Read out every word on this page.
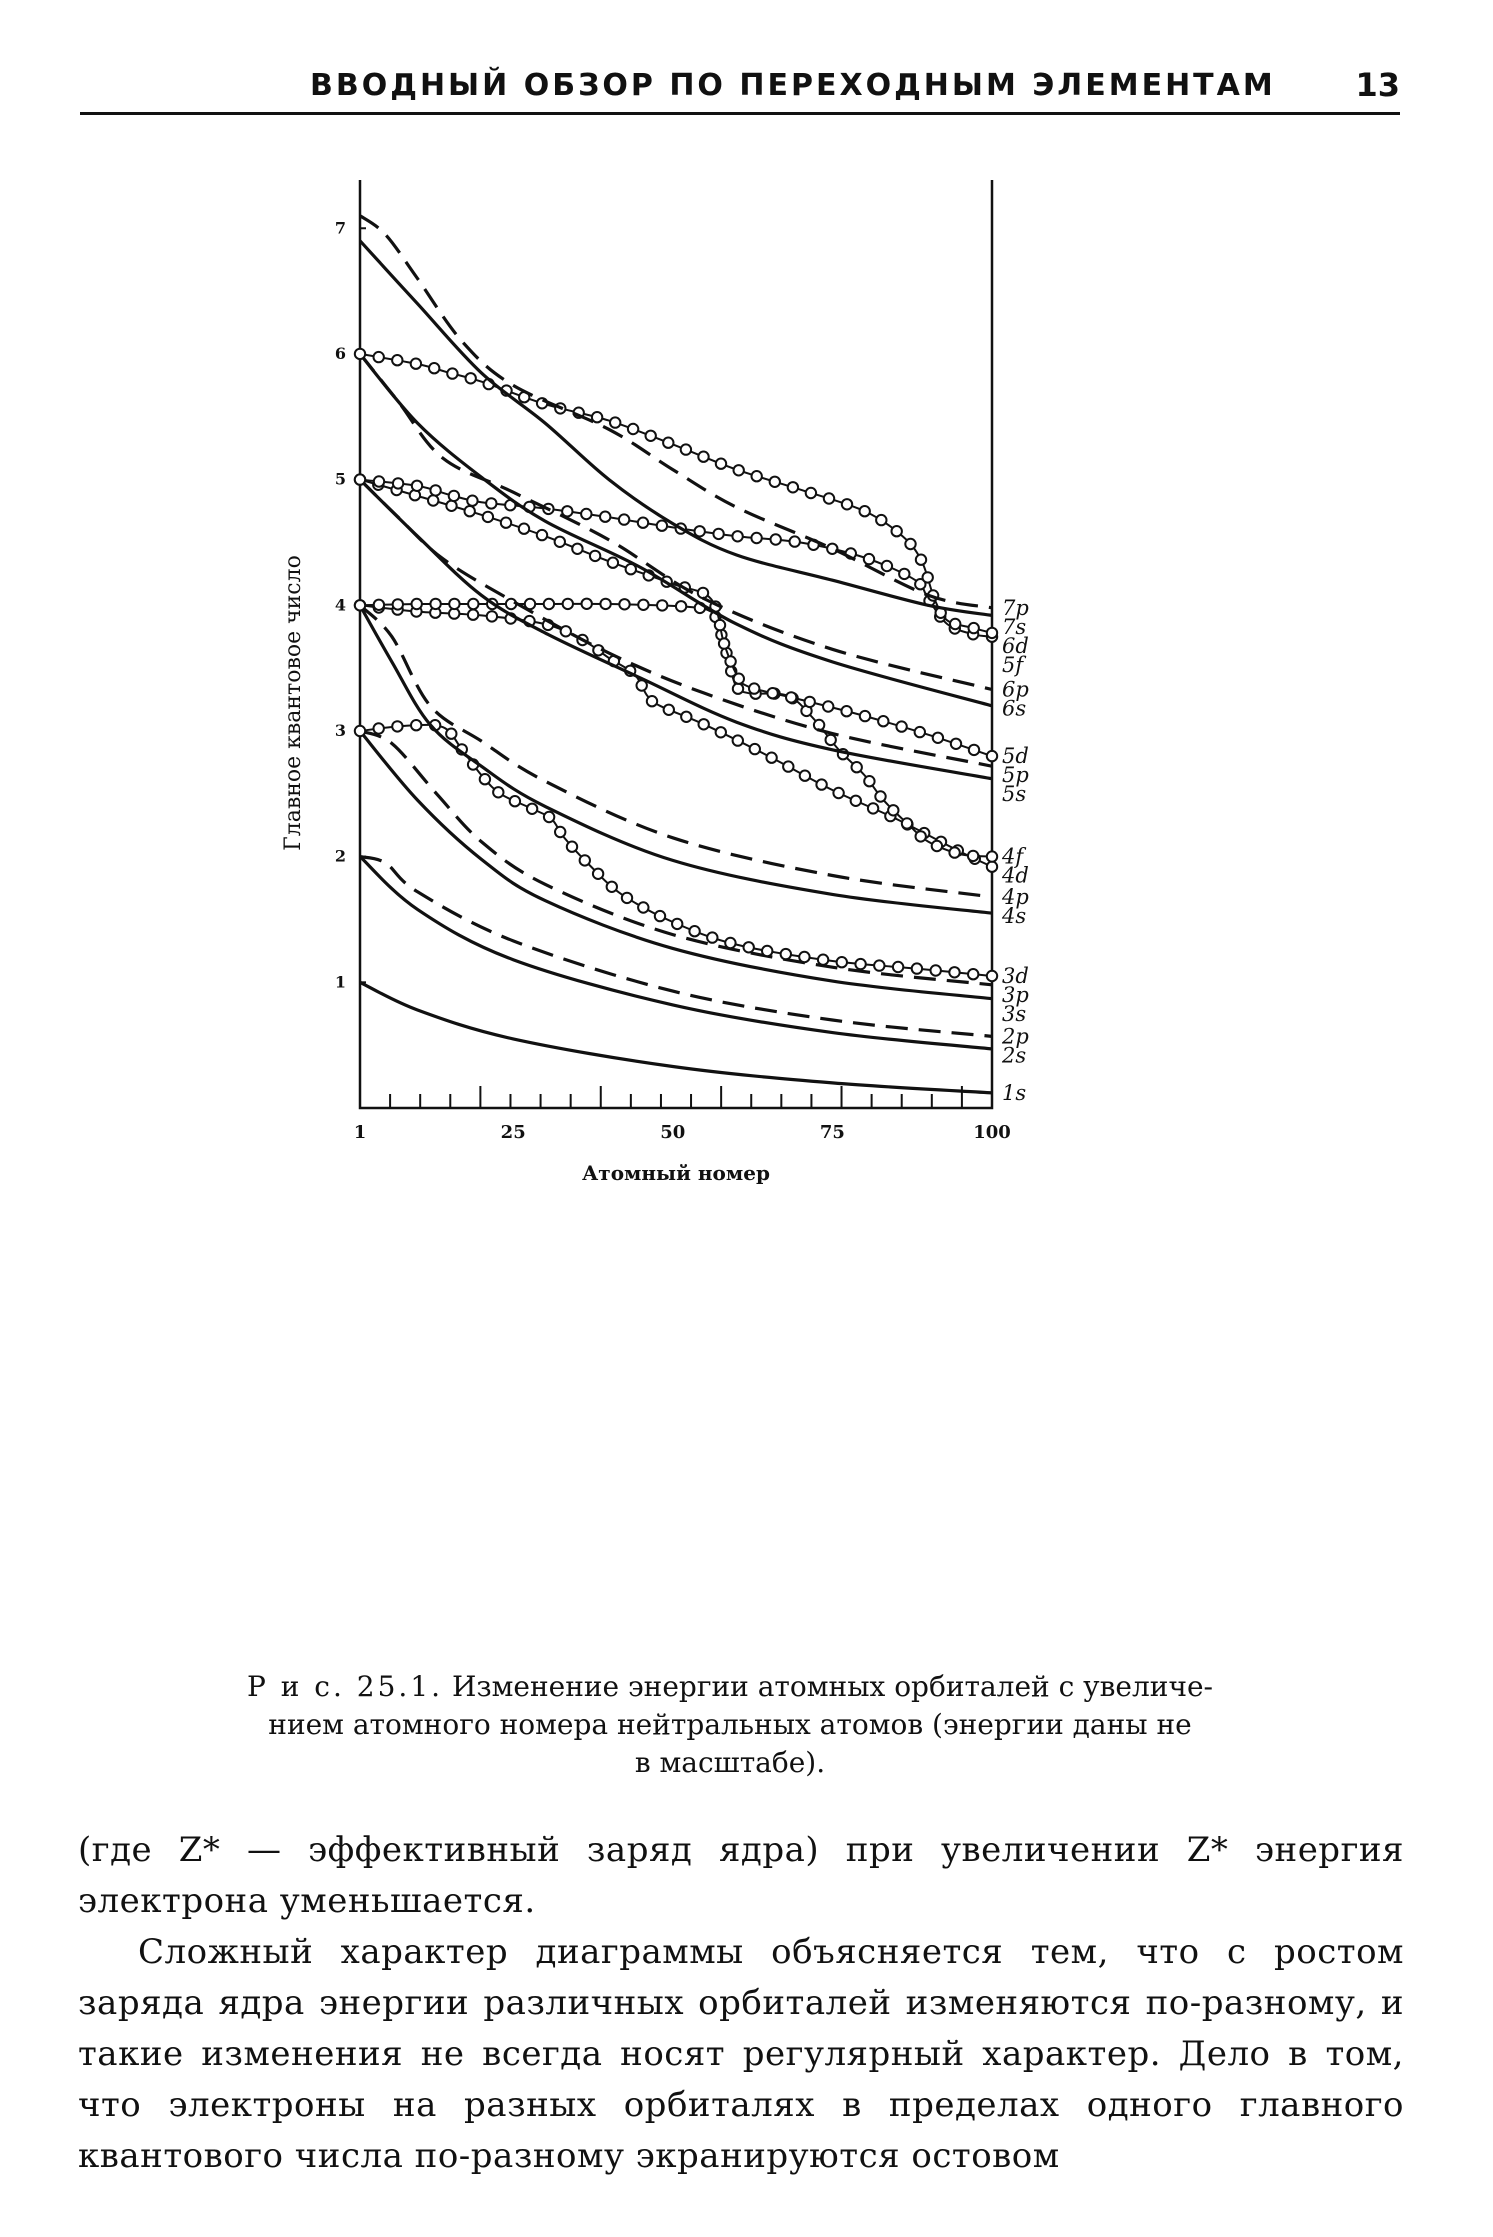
ВВОДНЫЙ ОБЗОР ПО ПЕРЕХОДНЫМ ЭЛЕМЕНТАМ 13
1
2
3
4
5
6
7
1	25	50	75	100
Атомный номер
Главное квантовое число	7p
7s
6d
5f
6p
6s
5d
5p
5s
4f
4d
4p
4s
3d
3p
3s
2p
2s
1s
Р и с. 25.1. Изменение энергии атомных орбиталей с увеличе-
нием атомного номера нейтральных атомов (энергии даны не
в масштабе).

(где Z* — эффективный заряд ядра) при увеличении Z* энергия электрона уменьшается.

Сложный характер диаграммы объясняется тем, что с ростом заряда ядра энергии различных орбиталей изменяются по-разному, и такие изменения не всегда носят регулярный характер. Дело в том, что электроны на разных орбиталях в пределах одного главного квантового числа по-разному экранируются остовом
